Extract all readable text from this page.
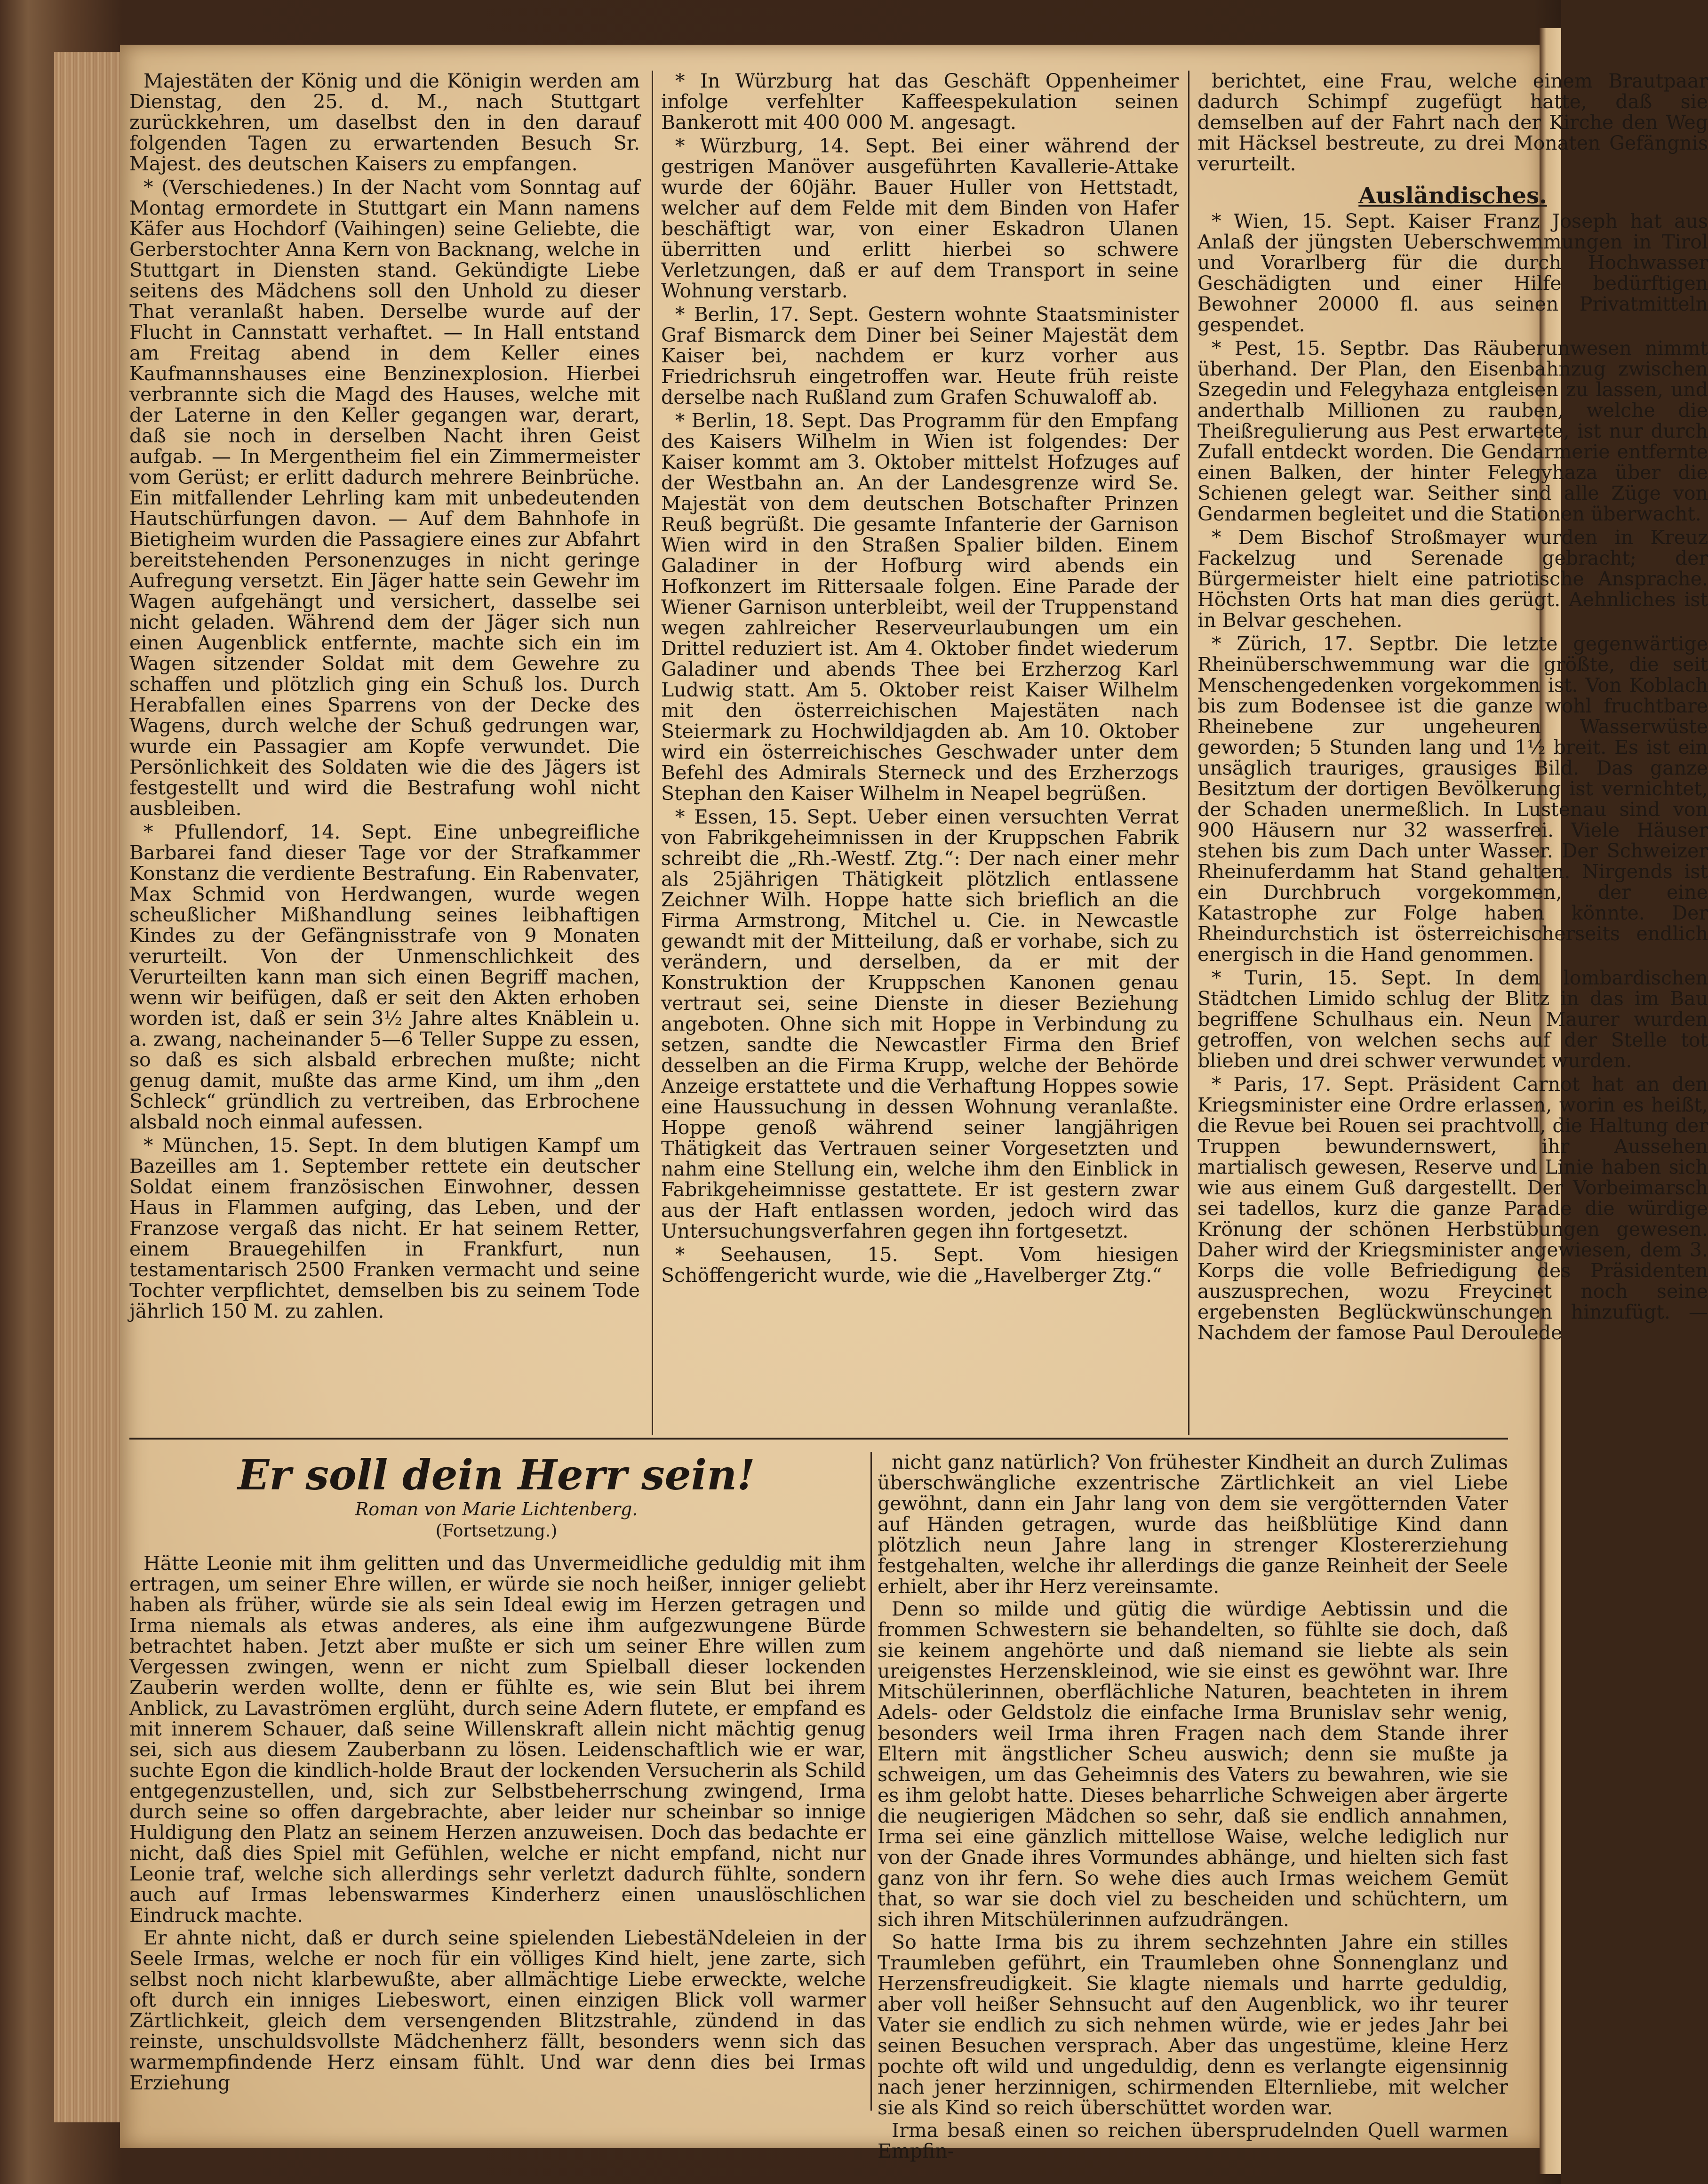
Majestäten der König und die Königin werden am Dienstag, den 25. d. M., nach Stuttgart zurückkehren, um daselbst den in den darauf folgenden Tagen zu erwartenden Besuch Sr. Majest. des deutschen Kaisers zu empfangen.

* (Verschiedenes.) In der Nacht vom Sonntag auf Montag ermordete in Stuttgart ein Mann namens Käfer aus Hochdorf (Vaihingen) seine Geliebte, die Gerberstochter Anna Kern von Backnang, welche in Stuttgart in Diensten stand. Gekündigte Liebe seitens des Mädchens soll den Unhold zu dieser That veranlaßt haben. Derselbe wurde auf der Flucht in Cannstatt verhaftet. — In Hall entstand am Freitag abend in dem Keller eines Kaufmannshauses eine Benzinexplosion. Hierbei verbrannte sich die Magd des Hauses, welche mit der Laterne in den Keller gegangen war, derart, daß sie noch in derselben Nacht ihren Geist aufgab. — In Mergentheim fiel ein Zimmermeister vom Gerüst; er erlitt dadurch mehrere Beinbrüche. Ein mitfallender Lehrling kam mit unbedeutenden Hautschürfungen davon. — Auf dem Bahnhofe in Bietigheim wurden die Passagiere eines zur Abfahrt bereitstehenden Personenzuges in nicht geringe Aufregung versetzt. Ein Jäger hatte sein Gewehr im Wagen aufgehängt und versichert, dasselbe sei nicht geladen. Während dem der Jäger sich nun einen Augenblick entfernte, machte sich ein im Wagen sitzender Soldat mit dem Gewehre zu schaffen und plötzlich ging ein Schuß los. Durch Herabfallen eines Sparrens von der Decke des Wagens, durch welche der Schuß gedrungen war, wurde ein Passagier am Kopfe verwundet. Die Persönlichkeit des Soldaten wie die des Jägers ist festgestellt und wird die Bestrafung wohl nicht ausbleiben.

* Pfullendorf, 14. Sept. Eine unbegreifliche Barbarei fand dieser Tage vor der Strafkammer Konstanz die verdiente Bestrafung. Ein Rabenvater, Max Schmid von Herdwangen, wurde wegen scheußlicher Mißhandlung seines leibhaftigen Kindes zu der Gefängnisstrafe von 9 Monaten verurteilt. Von der Unmenschlichkeit des Verurteilten kann man sich einen Begriff machen, wenn wir beifügen, daß er seit den Akten erhoben worden ist, daß er sein 3½ Jahre altes Knäblein u. a. zwang, nacheinander 5—6 Teller Suppe zu essen, so daß es sich alsbald erbrechen mußte; nicht genug damit, mußte das arme Kind, um ihm „den Schleck“ gründlich zu vertreiben, das Erbrochene alsbald noch einmal aufessen.

* München, 15. Sept. In dem blutigen Kampf um Bazeilles am 1. September rettete ein deutscher Soldat einem französischen Einwohner, dessen Haus in Flammen aufging, das Leben, und der Franzose vergaß das nicht. Er hat seinem Retter, einem Brauegehilfen in Frankfurt, nun testamentarisch 2500 Franken vermacht und seine Tochter verpflichtet, demselben bis zu seinem Tode jährlich 150 M. zu zahlen.

* In Würzburg hat das Geschäft Oppenheimer infolge verfehlter Kaffeespekulation seinen Bankerott mit 400 000 M. angesagt.

* Würzburg, 14. Sept. Bei einer während der gestrigen Manöver ausgeführten Kavallerie-Attake wurde der 60jähr. Bauer Huller von Hettstadt, welcher auf dem Felde mit dem Binden von Hafer beschäftigt war, von einer Eskadron Ulanen überritten und erlitt hierbei so schwere Verletzungen, daß er auf dem Transport in seine Wohnung verstarb.

* Berlin, 17. Sept. Gestern wohnte Staatsminister Graf Bismarck dem Diner bei Seiner Majestät dem Kaiser bei, nachdem er kurz vorher aus Friedrichsruh eingetroffen war. Heute früh reiste derselbe nach Rußland zum Grafen Schuwaloff ab.

* Berlin, 18. Sept. Das Programm für den Empfang des Kaisers Wilhelm in Wien ist folgendes: Der Kaiser kommt am 3. Oktober mittelst Hofzuges auf der Westbahn an. An der Landesgrenze wird Se. Majestät von dem deutschen Botschafter Prinzen Reuß begrüßt. Die gesamte Infanterie der Garnison Wien wird in den Straßen Spalier bilden. Einem Galadiner in der Hofburg wird abends ein Hofkonzert im Rittersaale folgen. Eine Parade der Wiener Garnison unterbleibt, weil der Truppenstand wegen zahlreicher Reserveurlaubungen um ein Drittel reduziert ist. Am 4. Oktober findet wiederum Galadiner und abends Thee bei Erzherzog Karl Ludwig statt. Am 5. Oktober reist Kaiser Wilhelm mit den österreichischen Majestäten nach Steiermark zu Hochwildjagden ab. Am 10. Oktober wird ein österreichisches Geschwader unter dem Befehl des Admirals Sterneck und des Erzherzogs Stephan den Kaiser Wilhelm in Neapel begrüßen.

* Essen, 15. Sept. Ueber einen versuchten Verrat von Fabrikgeheimnissen in der Kruppschen Fabrik schreibt die „Rh.-Westf. Ztg.“: Der nach einer mehr als 25jährigen Thätigkeit plötzlich entlassene Zeichner Wilh. Hoppe hatte sich brieflich an die Firma Armstrong, Mitchel u. Cie. in Newcastle gewandt mit der Mitteilung, daß er vorhabe, sich zu verändern, und derselben, da er mit der Konstruktion der Kruppschen Kanonen genau vertraut sei, seine Dienste in dieser Beziehung angeboten. Ohne sich mit Hoppe in Verbindung zu setzen, sandte die Newcastler Firma den Brief desselben an die Firma Krupp, welche der Behörde Anzeige erstattete und die Verhaftung Hoppes sowie eine Haussuchung in dessen Wohnung veranlaßte. Hoppe genoß während seiner langjährigen Thätigkeit das Vertrauen seiner Vorgesetzten und nahm eine Stellung ein, welche ihm den Einblick in Fabrikgeheimnisse gestattete. Er ist gestern zwar aus der Haft entlassen worden, jedoch wird das Untersuchungsverfahren gegen ihn fortgesetzt.

* Seehausen, 15. Sept. Vom hiesigen Schöffengericht wurde, wie die „Havelberger Ztg.“

berichtet, eine Frau, welche einem Brautpaar dadurch Schimpf zugefügt hatte, daß sie demselben auf der Fahrt nach der Kirche den Weg mit Häcksel bestreute, zu drei Monaten Gefängnis verurteilt.

Ausländisches.

* Wien, 15. Sept. Kaiser Franz Joseph hat aus Anlaß der jüngsten Ueberschwemmungen in Tirol und Vorarlberg für die durch Hochwasser Geschädigten und einer Hilfe bedürftigen Bewohner 20000 fl. aus seinen Privatmitteln gespendet.

* Pest, 15. Septbr. Das Räuberunwesen nimmt überhand. Der Plan, den Eisenbahnzug zwischen Szegedin und Felegyhaza entgleisen zu lassen, und anderthalb Millionen zu rauben, welche die Theißregulierung aus Pest erwartete, ist nur durch Zufall entdeckt worden. Die Gendarmerie entfernte einen Balken, der hinter Felegyhaza über die Schienen gelegt war. Seither sind alle Züge von Gendarmen begleitet und die Stationen überwacht.

* Dem Bischof Stroßmayer wurden in Kreuz Fackelzug und Serenade gebracht; der Bürgermeister hielt eine patriotische Ansprache. Höchsten Orts hat man dies gerügt. Aehnliches ist in Belvar geschehen.

* Zürich, 17. Septbr. Die letzte gegenwärtige Rheinüberschwemmung war die größte, die seit Menschengedenken vorgekommen ist. Von Koblach bis zum Bodensee ist die ganze wohl fruchtbare Rheinebene zur ungeheuren Wasserwüste geworden; 5 Stunden lang und 1½ breit. Es ist ein unsäglich trauriges, grausiges Bild. Das ganze Besitztum der dortigen Bevölkerung ist vernichtet, der Schaden unermeßlich. In Lustenau sind von 900 Häusern nur 32 wasserfrei. Viele Häuser stehen bis zum Dach unter Wasser. Der Schweizer Rheinuferdamm hat Stand gehalten. Nirgends ist ein Durchbruch vorgekommen, der eine Katastrophe zur Folge haben könnte. Der Rheindurchstich ist österreichischerseits endlich energisch in die Hand genommen.

* Turin, 15. Sept. In dem lombardischen Städtchen Limido schlug der Blitz in das im Bau begriffene Schulhaus ein. Neun Maurer wurden getroffen, von welchen sechs auf der Stelle tot blieben und drei schwer verwundet wurden.

* Paris, 17. Sept. Präsident Carnot hat an den Kriegsminister eine Ordre erlassen, worin es heißt, die Revue bei Rouen sei prachtvoll, die Haltung der Truppen bewundernswert, ihr Aussehen martialisch gewesen, Reserve und Linie haben sich wie aus einem Guß dargestellt. Der Vorbeimarsch sei tadellos, kurz die ganze Parade die würdige Krönung der schönen Herbstübungen gewesen. Daher wird der Kriegsminister angewiesen, dem 3. Korps die volle Befriedigung des Präsidenten auszusprechen, wozu Freycinet noch seine ergebensten Beglückwünschungen hinzufügt. — Nachdem der famose Paul Deroulede

Er soll dein Herr sein!
Roman von Marie Lichtenberg.
(Fortsetzung.)

Hätte Leonie mit ihm gelitten und das Unvermeidliche geduldig mit ihm ertragen, um seiner Ehre willen, er würde sie noch heißer, inniger geliebt haben als früher, würde sie als sein Ideal ewig im Herzen getragen und Irma niemals als etwas anderes, als eine ihm aufgezwungene Bürde betrachtet haben. Jetzt aber mußte er sich um seiner Ehre willen zum Vergessen zwingen, wenn er nicht zum Spielball dieser lockenden Zauberin werden wollte, denn er fühlte es, wie sein Blut bei ihrem Anblick, zu Lavaströmen erglüht, durch seine Adern flutete, er empfand es mit innerem Schauer, daß seine Willenskraft allein nicht mächtig genug sei, sich aus diesem Zauberbann zu lösen. Leidenschaftlich wie er war, suchte Egon die kindlich-holde Braut der lockenden Versucherin als Schild entgegenzustellen, und, sich zur Selbstbeherrschung zwingend, Irma durch seine so offen dargebrachte, aber leider nur scheinbar so innige Huldigung den Platz an seinem Herzen anzuweisen. Doch das bedachte er nicht, daß dies Spiel mit Gefühlen, welche er nicht empfand, nicht nur Leonie traf, welche sich allerdings sehr verletzt dadurch fühlte, sondern auch auf Irmas lebenswarmes Kinderherz einen unauslöschlichen Eindruck machte.

Er ahnte nicht, daß er durch seine spielenden LiebestäNdeleien in der Seele Irmas, welche er noch für ein völliges Kind hielt, jene zarte, sich selbst noch nicht klarbewußte, aber allmächtige Liebe erweckte, welche oft durch ein inniges Liebeswort, einen einzigen Blick voll warmer Zärtlichkeit, gleich dem versengenden Blitzstrahle, zündend in das reinste, unschuldsvollste Mädchenherz fällt, besonders wenn sich das warmempfindende Herz einsam fühlt. Und war denn dies bei Irmas Erziehung

nicht ganz natürlich? Von frühester Kindheit an durch Zulimas überschwängliche exzentrische Zärtlichkeit an viel Liebe gewöhnt, dann ein Jahr lang von dem sie vergötternden Vater auf Händen getragen, wurde das heißblütige Kind dann plötzlich neun Jahre lang in strenger Klostererziehung festgehalten, welche ihr allerdings die ganze Reinheit der Seele erhielt, aber ihr Herz vereinsamte.

Denn so milde und gütig die würdige Aebtissin und die frommen Schwestern sie behandelten, so fühlte sie doch, daß sie keinem angehörte und daß niemand sie liebte als sein ureigenstes Herzenskleinod, wie sie einst es gewöhnt war. Ihre Mitschülerinnen, oberflächliche Naturen, beachteten in ihrem Adels- oder Geldstolz die einfache Irma Brunislav sehr wenig, besonders weil Irma ihren Fragen nach dem Stande ihrer Eltern mit ängstlicher Scheu auswich; denn sie mußte ja schweigen, um das Geheimnis des Vaters zu bewahren, wie sie es ihm gelobt hatte. Dieses beharrliche Schweigen aber ärgerte die neugierigen Mädchen so sehr, daß sie endlich annahmen, Irma sei eine gänzlich mittellose Waise, welche lediglich nur von der Gnade ihres Vormundes abhänge, und hielten sich fast ganz von ihr fern. So wehe dies auch Irmas weichem Gemüt that, so war sie doch viel zu bescheiden und schüchtern, um sich ihren Mitschülerinnen aufzudrängen.

So hatte Irma bis zu ihrem sechzehnten Jahre ein stilles Traumleben geführt, ein Traumleben ohne Sonnenglanz und Herzensfreudigkeit. Sie klagte niemals und harrte geduldig, aber voll heißer Sehnsucht auf den Augenblick, wo ihr teurer Vater sie endlich zu sich nehmen würde, wie er jedes Jahr bei seinen Besuchen versprach. Aber das ungestüme, kleine Herz pochte oft wild und ungeduldig, denn es verlangte eigensinnig nach jener herzinnigen, schirmenden Elternliebe, mit welcher sie als Kind so reich überschüttet worden war.

Irma besaß einen so reichen übersprudelnden Quell warmen Empfin-
